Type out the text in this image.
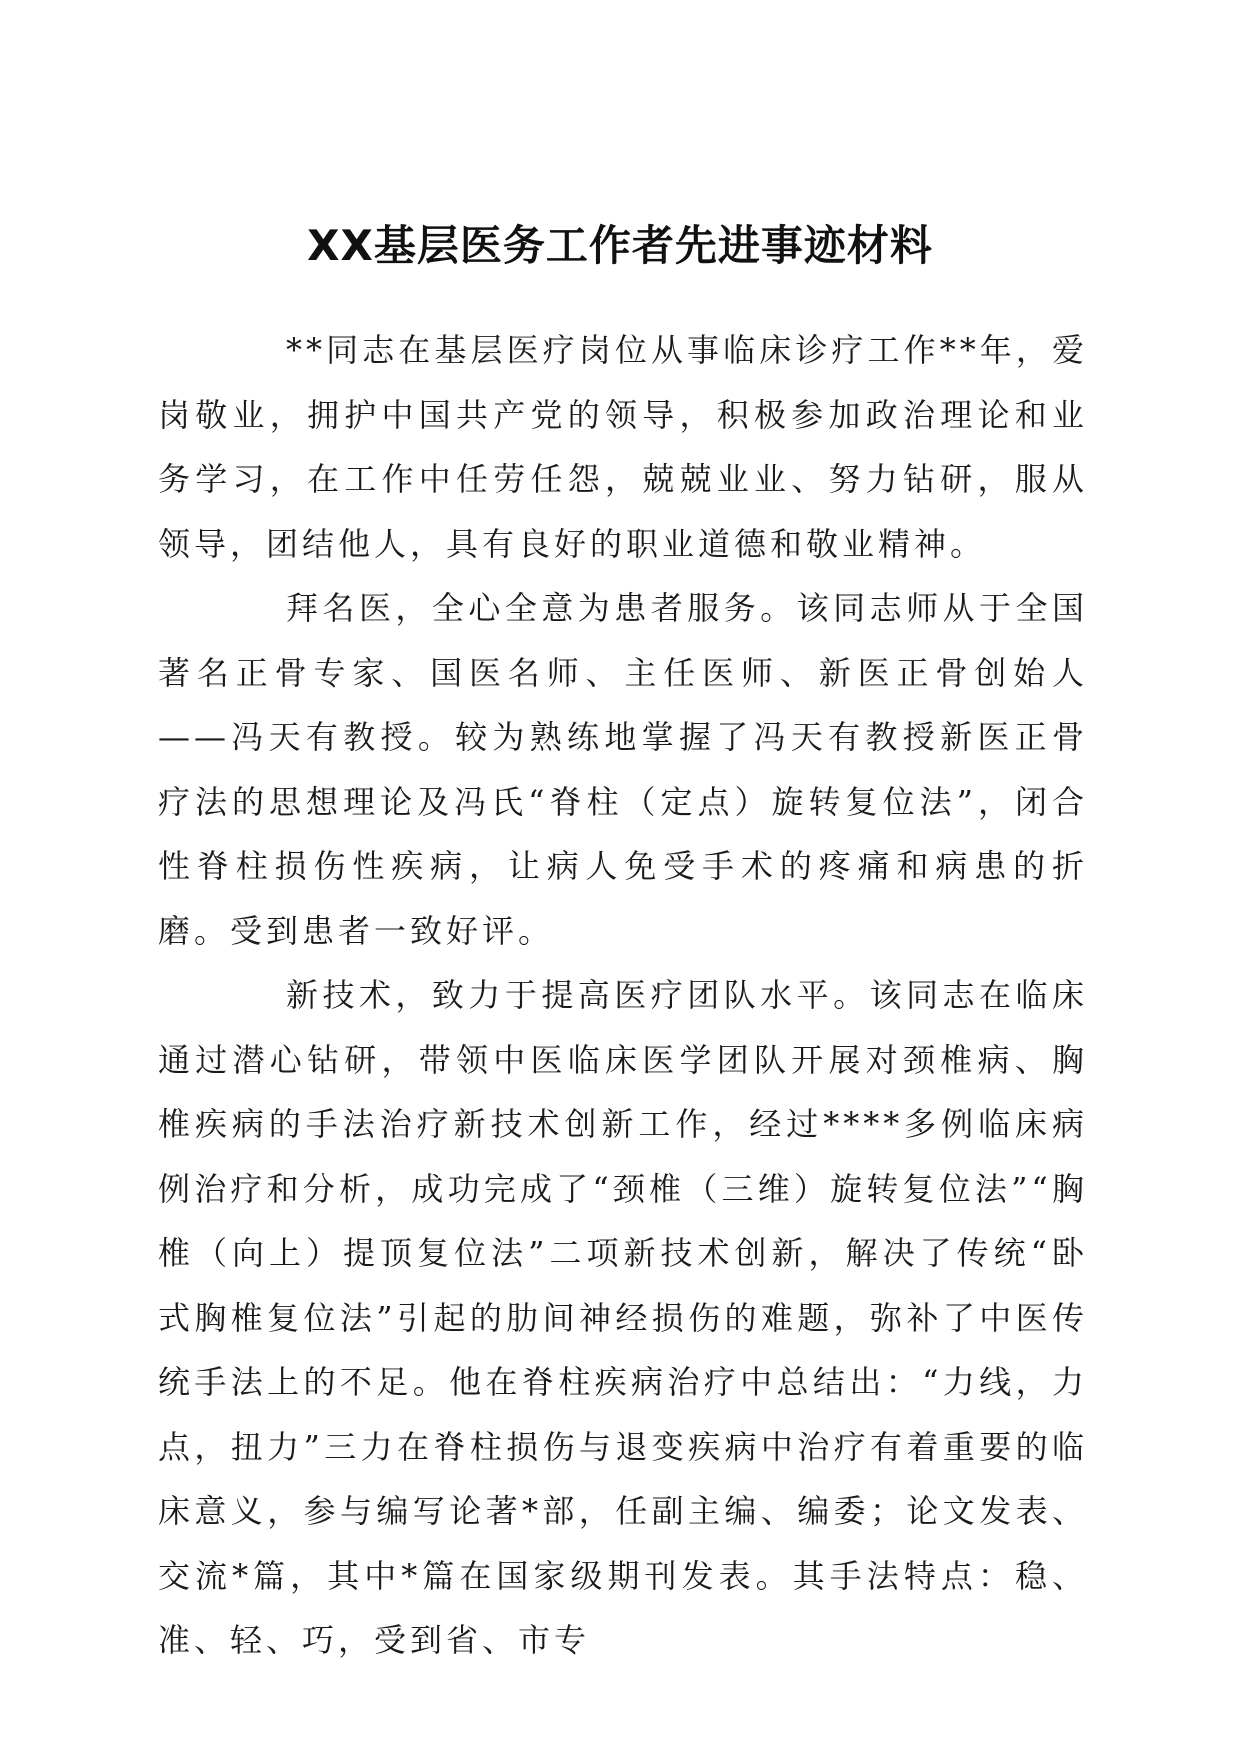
XX基层医务工作者先进事迹材料

**同志在基层医疗岗位从事临床诊疗工作**年，爱岗敬业，拥护中国共产党的领导，积极参加政治理论和业务学习，在工作中任劳任怨，兢兢业业、努力钻研，服从领导，团结他人，具有良好的职业道德和敬业精神。

拜名医，全心全意为患者服务。该同志师从于全国著名正骨专家、国医名师、主任医师、新医正骨创始人——冯天有教授。较为熟练地掌握了冯天有教授新医正骨疗法的思想理论及冯氏“脊柱（定点）旋转复位法”，闭合性脊柱损伤性疾病，让病人免受手术的疼痛和病患的折磨。受到患者一致好评。

新技术，致力于提高医疗团队水平。该同志在临床通过潜心钻研，带领中医临床医学团队开展对颈椎病、胸椎疾病的手法治疗新技术创新工作，经过****多例临床病例治疗和分析，成功完成了“颈椎（三维）旋转复位法”“胸椎（向上）提顶复位法”二项新技术创新，解决了传统“卧式胸椎复位法”引起的肋间神经损伤的难题，弥补了中医传统手法上的不足。他在脊柱疾病治疗中总结出：“力线，力点，扭力”三力在脊柱损伤与退变疾病中治疗有着重要的临床意义，参与编写论著*部，任副主编、编委；论文发表、交流*篇，其中*篇在国家级期刊发表。其手法特点：稳、准、轻、巧，受到省、市专
